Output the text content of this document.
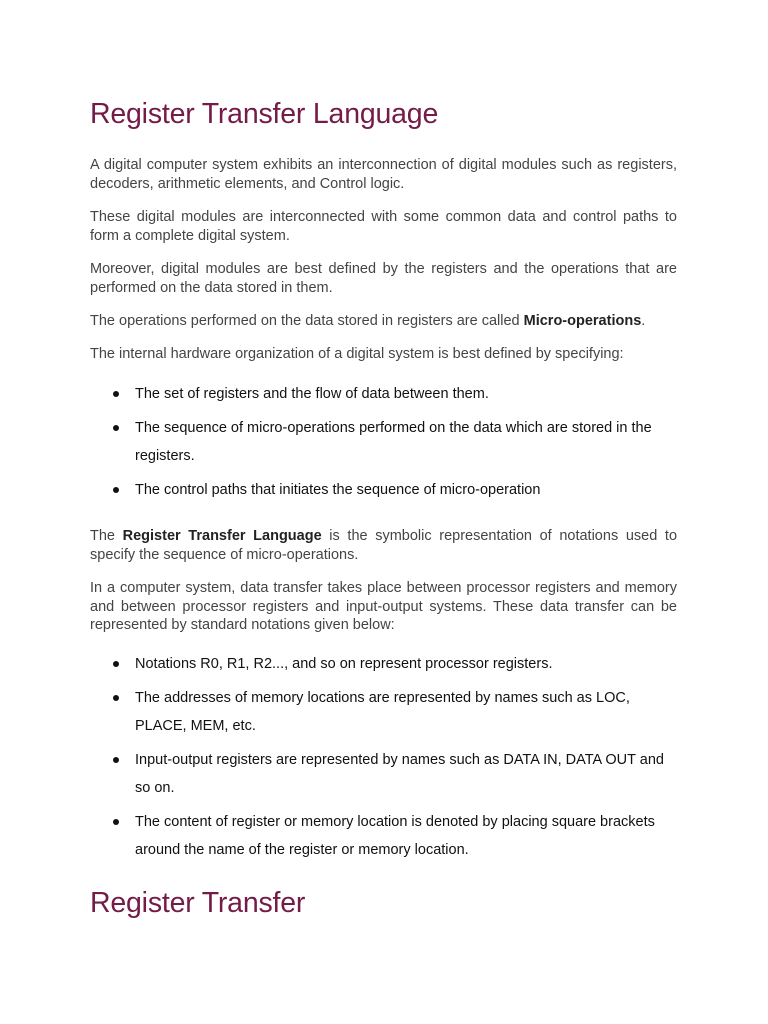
Register Transfer Language

A digital computer system exhibits an interconnection of digital modules such as registers, decoders, arithmetic elements, and Control logic.

These digital modules are interconnected with some common data and control paths to form a complete digital system.

Moreover, digital modules are best defined by the registers and the operations that are performed on the data stored in them.

The operations performed on the data stored in registers are called Micro-operations.

The internal hardware organization of a digital system is best defined by specifying:

The set of registers and the flow of data between them.
The sequence of micro-operations performed on the data which are stored in the registers.
The control paths that initiates the sequence of micro-operation

The Register Transfer Language is the symbolic representation of notations used to specify the sequence of micro-operations.

In a computer system, data transfer takes place between processor registers and memory and between processor registers and input-output systems. These data transfer can be represented by standard notations given below:

Notations R0, R1, R2..., and so on represent processor registers.
The addresses of memory locations are represented by names such as LOC, PLACE, MEM, etc.
Input-output registers are represented by names such as DATA IN, DATA OUT and so on.
The content of register or memory location is denoted by placing square brackets around the name of the register or memory location.
Register Transfer
